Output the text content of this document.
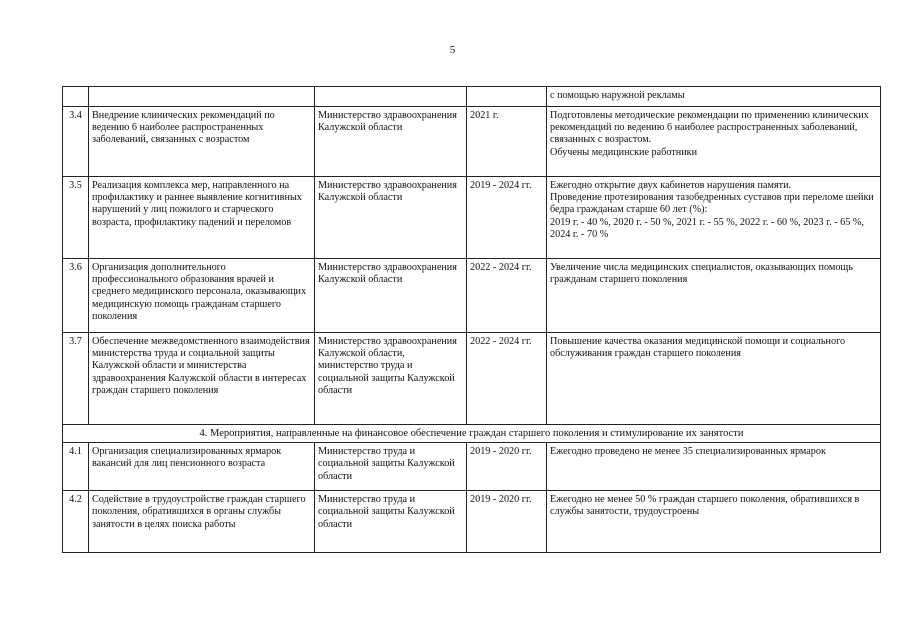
5

				с помощью наружной рекламы

3.4	Внедрение клинических рекомендаций по ведению 6 наиболее распространенных заболеваний, связанных с возрастом	Министерство здравоохранения Калужской области	2021 г.	Подготовлены методические рекомендации по применению клинических рекомендаций по ведению 6 наиболее распространенных заболеваний, связанных с возрастом.
Обучены медицинские работники

3.5	Реализация комплекса мер, направленного на профилактику и раннее выявление когнитивных нарушений у лиц пожилого и старческого возраста, профилактику падений и переломов	Министерство здравоохранения Калужской области	2019 - 2024 гг.	Ежегодно открытие двух кабинетов нарушения памяти.
Проведение протезирования тазобедренных суставов при переломе шейки бедра гражданам старше 60 лет (%):
2019 г. - 40 %, 2020 г. - 50 %, 2021 г. - 55 %, 2022 г. - 60 %, 2023 г. - 65 %, 2024 г. - 70 %

3.6	Организация дополнительного профессионального образования врачей и среднего медицинского персонала, оказывающих медицинскую помощь гражданам старшего поколения	Министерство здравоохранения Калужской области	2022 - 2024 гг.	Увеличение числа медицинских специалистов, оказывающих помощь гражданам старшего поколения

3.7	Обеспечение межведомственного взаимодействия министерства труда и социальной защиты Калужской области и министерства здравоохранения Калужской области в интересах граждан старшего поколения	Министерство здравоохранения Калужской области, министерство труда и социальной защиты Калужской области	2022 - 2024 гг.	Повышение качества оказания медицинской помощи и социального обслуживания граждан старшего поколения

4. Мероприятия, направленные на финансовое обеспечение граждан старшего поколения и стимулирование их занятости				
4.1	Организация специализированных ярмарок вакансий для лиц пенсионного возраста	Министерство труда и социальной защиты Калужской области	2019 - 2020 гг.	Ежегодно проведено не менее 35 специализированных ярмарок

4.2	Содействие в трудоустройстве граждан старшего поколения, обратившихся в органы службы занятости в целях поиска работы	Министерство труда и социальной защиты Калужской области	2019 - 2020 гг.	Ежегодно не менее 50 % граждан старшего поколения, обратившихся в службы занятости, трудоустроены
